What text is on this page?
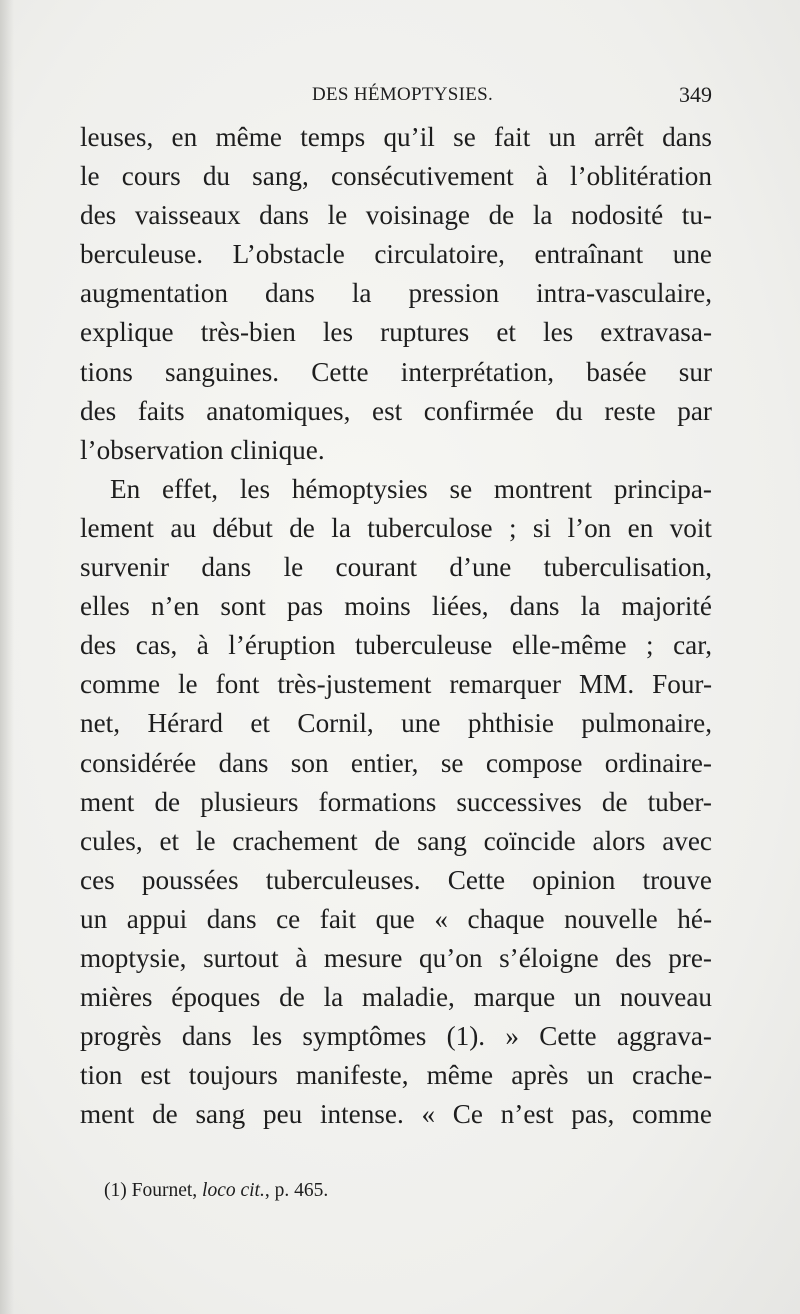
DES HÉMOPTYSIES.	349
leuses, en même temps qu’il se fait un arrêt dans
le cours du sang, consécutivement à l’oblitération
des vaisseaux dans le voisinage de la nodosité tu-
berculeuse. L’obstacle circulatoire, entraînant une
augmentation dans la pression intra-vasculaire,
explique très-bien les ruptures et les extravasa-
tions sanguines. Cette interprétation, basée sur
des faits anatomiques, est confirmée du reste par
l’observation clinique.
En effet, les hémoptysies se montrent principa-
lement au début de la tuberculose ; si l’on en voit
survenir dans le courant d’une tuberculisation,
elles n’en sont pas moins liées, dans la majorité
des cas, à l’éruption tuberculeuse elle-même ; car,
comme le font très-justement remarquer MM. Four-
net, Hérard et Cornil, une phthisie pulmonaire,
considérée dans son entier, se compose ordinaire-
ment de plusieurs formations successives de tuber-
cules, et le crachement de sang coïncide alors avec
ces poussées tuberculeuses. Cette opinion trouve
un appui dans ce fait que « chaque nouvelle hé-
moptysie, surtout à mesure qu’on s’éloigne des pre-
mières époques de la maladie, marque un nouveau
progrès dans les symptômes (1). » Cette aggrava-
tion est toujours manifeste, même après un crache-
ment de sang peu intense. « Ce n’est pas, comme
(1) Fournet, loco cit., p. 465.
